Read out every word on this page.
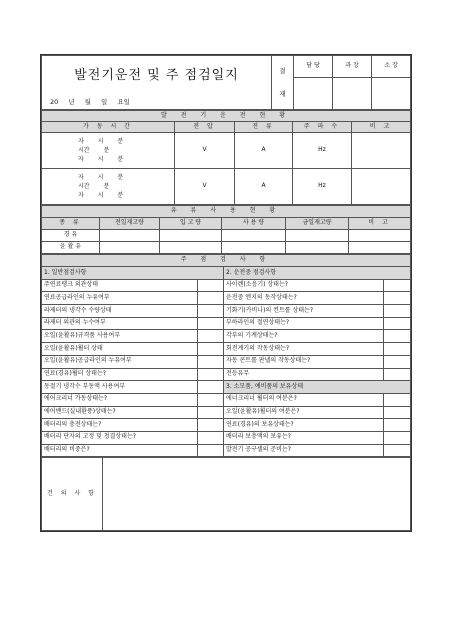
발전기운전 및 주 점검일지	결
재	담 당	과 장	소 장

20 년 월 일 요일				
발 전 기 운 전 현 황				
가 동 시 간	전 압	전 류	주 파 수	비 고

자 시 분
시간 분
자 시 분	V	A	Hz	

자 시 분
시간 분
자 시 분	V	A	Hz	
유 류 사 용 현 황					
종 류	전일재고량	입 고 량	사 용 량	금일재고량	비 고
경 유					
윤 활 유					
주 점 검 사 항			
1. 일반점검사항		2. 운전중 점검사항	
주연료탱크 외관상태		사이렌(소음기) 상태는?	
연료공급라인의 누유여부		운전중 엔지의 동작상태는?	
라제터의 냉각수 수량상태		기화기(카비나)의 컨트롤 상태는?	
라제터 외관의 누수여부		부하라인의 절연상태는?	
오일(윤활유)규격품 사용여부		각부의 기계상태는?	
오일(윤활유)휠터 상태		회전계기의 작동상태는?	
오일(윤활유)공급라인의 누유여부		자동 콘트롤 판넬의 작동상태는?	
연료(경유)휠터 상태는?		전등유무	
동절기 냉각수 부동액 사용여부		3. 소모품, 예비품의 보유상태	
에어크리너 가동상태는?		에너크리너 휠터의 여분은?	
에어밴드(실내환풍)상태는?		오일(윤활유)휠터의 여분은?	
배터리의 충전상태는?		연료(경유)의 보유상태는?	
배터리 단자의 고정 및 청결상태는?		배터리 보충액의 보유는?	
배터리의 비중은?		발전기 공구셀의 준비는?	
건 의 사 항	
